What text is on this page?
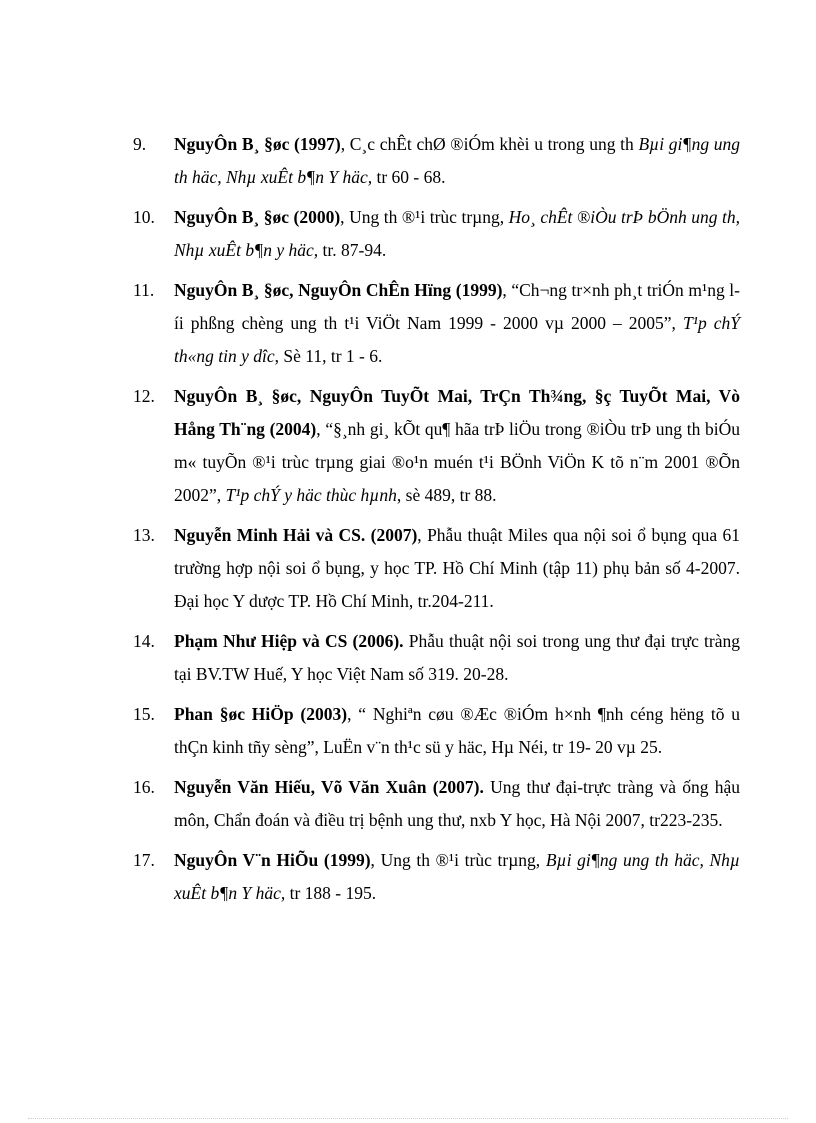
9. NguyÔn B¸ §øc (1997), C¸c chÊt chØ ®iÓm khèi u trong ung th Bµi gi¶ng ung th häc, Nhµ xuÊt b¶n Y häc, tr 60 - 68.
10. NguyÔn B¸ §øc (2000), Ung th ®¹i trùc trµng, Ho¸ chÊt ®iÒu trÞ bÖnh ung th, Nhµ xuÊt b¶n y häc, tr. 87-94.
11. NguyÔn B¸ §øc, NguyÔn ChÊn Hïng (1999), “Ch¬ng tr×nh ph¸t triÓn m¹ng líi phßng chèng ung th t¹i ViÖt Nam 1999 - 2000 vµ 2000 – 2005”, T¹p chÝ th«ng tin y dîc, Sè 11, tr 1 - 6.
12. NguyÔn B¸ §øc, NguyÔn TuyÕt Mai, TrÇn Th¾ng, §ç TuyÕt Mai, Vò Hång Th¨ng (2004), “§¸nh gi¸ kÕt qu¶ hãa trÞ liÖu trong ®iÒu trÞ ung th biÓu m« tuyÕn ®¹i trùc trµng giai ®o¹n muén t¹i BÖnh ViÖn K tõ n¨m 2001 ®Õn 2002”, T¹p chÝ y häc thùc hµnh, sè 489, tr 88.
13. Nguyễn Minh Hải và CS. (2007), Phẫu thuật Miles qua nội soi ổ bụng qua 61 trường hợp nội soi ổ bụng, y học TP. Hồ Chí Minh (tập 11) phụ bản số 4-2007. Đại học Y dược TP. Hồ Chí Minh, tr.204-211.
14. Phạm Như Hiệp và CS (2006). Phẫu thuật nội soi trong ung thư đại trực tràng tại BV.TW Huế, Y học Việt Nam số 319. 20-28.
15. Phan §øc HiÖp (2003), “ Nghiªn cøu ®Æc ®iÓm h×nh ¶nh céng hëng tõ u thÇn kinh tñy sèng”, LuËn v¨n th¹c sü y häc, Hµ Néi, tr 19- 20 vµ 25.
16. Nguyễn Văn Hiếu, Võ Văn Xuân (2007). Ung thư đại-trực tràng và ống hậu môn, Chẩn đoán và điều trị bệnh ung thư, nxb Y học, Hà Nội 2007, tr223-235.
17. NguyÔn V¨n HiÕu (1999), Ung th ®¹i trùc trµng, Bµi gi¶ng ung th häc, Nhµ xuÊt b¶n Y häc, tr 188 - 195.
